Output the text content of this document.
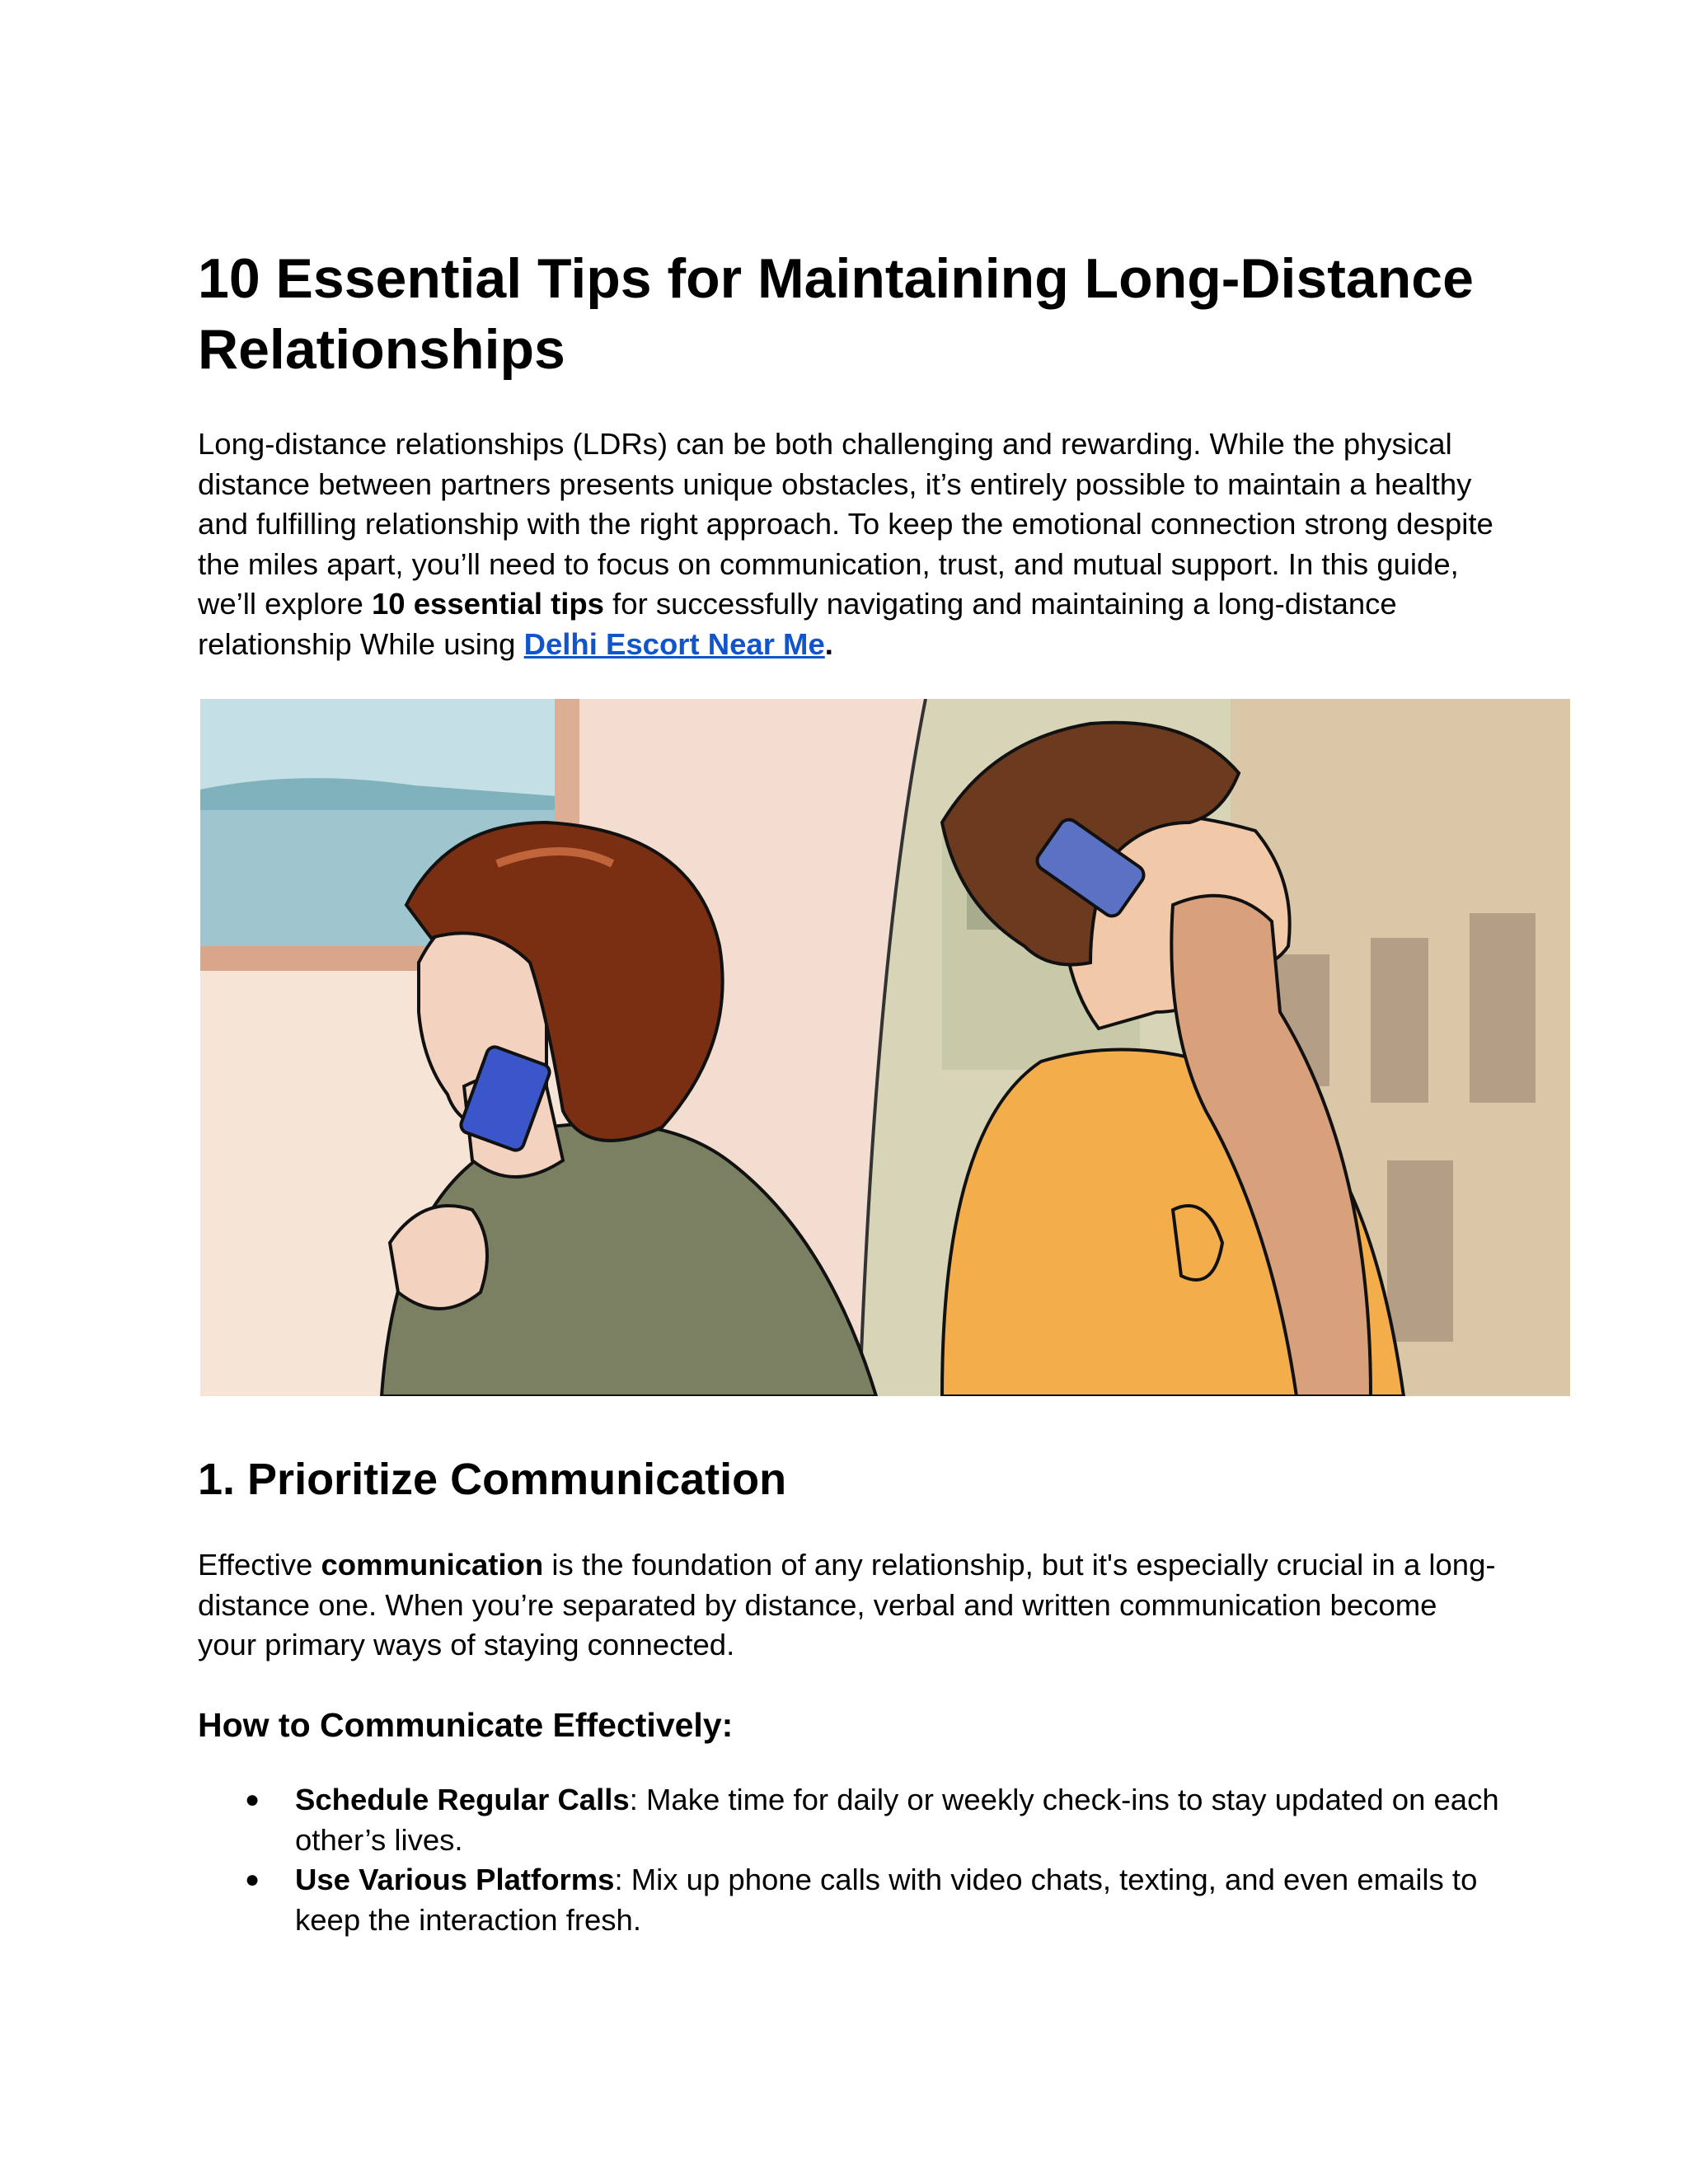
10 Essential Tips for Maintaining Long-Distance Relationships

Long-distance relationships (LDRs) can be both challenging and rewarding. While the physical distance between partners presents unique obstacles, it’s entirely possible to maintain a healthy and fulfilling relationship with the right approach. To keep the emotional connection strong despite the miles apart, you’ll need to focus on communication, trust, and mutual support. In this guide, we’ll explore 10 essential tips for successfully navigating and maintaining a long-distance relationship While using Delhi Escort Near Me.

1. Prioritize Communication

Effective communication is the foundation of any relationship, but it's especially crucial in a long-distance one. When you’re separated by distance, verbal and written communication become your primary ways of staying connected.

How to Communicate Effectively:
● Schedule Regular Calls: Make time for daily or weekly check-ins to stay updated on each other’s lives.
● Use Various Platforms: Mix up phone calls with video chats, texting, and even emails to keep the interaction fresh.
